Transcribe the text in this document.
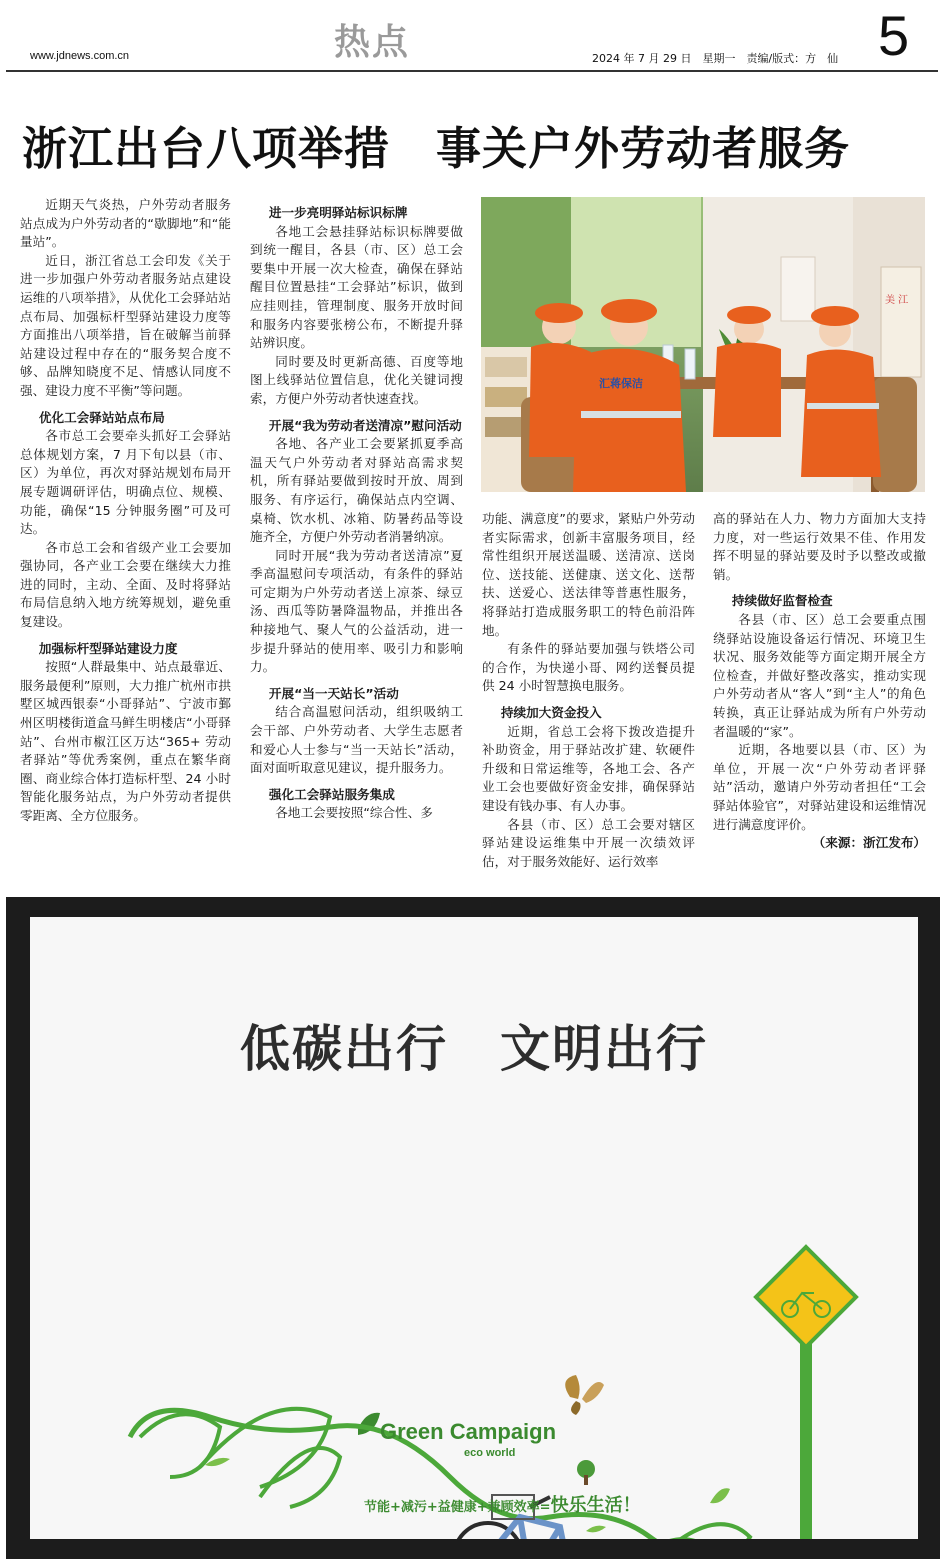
www.jdnews.com.cn	热点	2024 年 7 月 29 日　星期一　责编/版式：方　仙 5
浙江出台八项举措　事关户外劳动者服务

近期天气炎热，户外劳动者服务站点成为户外劳动者的“歇脚地”和“能量站”。

近日，浙江省总工会印发《关于进一步加强户外劳动者服务站点建设运维的八项举措》，从优化工会驿站站点布局、加强标杆型驿站建设力度等方面推出八项举措，旨在破解当前驿站建设过程中存在的“服务契合度不够、品牌知晓度不足、情感认同度不强、建设力度不平衡”等问题。

优化工会驿站站点布局

各市总工会要牵头抓好工会驿站总体规划方案，7 月下旬以县（市、区）为单位，再次对驿站规划布局开展专题调研评估，明确点位、规模、功能，确保“15 分钟服务圈”可及可达。

各市总工会和省级产业工会要加强协同，各产业工会要在继续大力推进的同时，主动、全面、及时将驿站布局信息纳入地方统筹规划，避免重复建设。

加强标杆型驿站建设力度

按照“人群最集中、站点最靠近、服务最便利”原则，大力推广杭州市拱墅区城西银泰“小哥驿站”、宁波市鄞州区明楼街道盒马鲜生明楼店“小哥驿站”、台州市椒江区万达“365+ 劳动者驿站”等优秀案例，重点在繁华商圈、商业综合体打造标杆型、24 小时智能化服务站点，为户外劳动者提供零距离、全方位服务。

进一步亮明驿站标识标牌

各地工会悬挂驿站标识标牌要做到统一醒目，各县（市、区）总工会要集中开展一次大检查，确保在驿站醒目位置悬挂“工会驿站”标识，做到应挂则挂，管理制度、服务开放时间和服务内容要张榜公布，不断提升驿站辨识度。

同时要及时更新高德、百度等地图上线驿站位置信息，优化关键词搜索，方便户外劳动者快速查找。

开展“我为劳动者送清凉”慰问活动

各地、各产业工会要紧抓夏季高温天气户外劳动者对驿站高需求契机，所有驿站要做到按时开放、周到服务、有序运行，确保站点内空调、桌椅、饮水机、冰箱、防暑药品等设施齐全，方便户外劳动者消暑纳凉。

同时开展“我为劳动者送清凉”夏季高温慰问专项活动，有条件的驿站可定期为户外劳动者送上凉茶、绿豆汤、西瓜等防暑降温物品，并推出各种接地气、聚人气的公益活动，进一步提升驿站的使用率、吸引力和影响力。

开展“当一天站长”活动

结合高温慰问活动，组织吸纳工会干部、户外劳动者、大学生志愿者和爱心人士参与“当一天站长”活动，面对面听取意见建议，提升服务力。

强化工会驿站服务集成

各地工会要按照“综合性、多

功能、满意度”的要求，紧贴户外劳动者实际需求，创新丰富服务项目，经常性组织开展送温暖、送清凉、送岗位、送技能、送健康、送文化、送帮扶、送爱心、送法律等普惠性服务，将驿站打造成服务职工的特色前沿阵地。

有条件的驿站要加强与铁塔公司的合作，为快递小哥、网约送餐员提供 24 小时智慧换电服务。

持续加大资金投入

近期，省总工会将下拨改造提升补助资金，用于驿站改扩建、软硬件升级和日常运维等，各地工会、各产业工会也要做好资金安排，确保驿站建设有钱办事、有人办事。

各县（市、区）总工会要对辖区驿站建设运维集中开展一次绩效评估，对于服务效能好、运行效率

高的驿站在人力、物力方面加大支持力度，对一些运行效果不佳、作用发挥不明显的驿站要及时予以整改或撤销。

持续做好监督检查

各县（市、区）总工会要重点围绕驿站设施设备运行情况、环境卫生状况、服务效能等方面定期开展全方位检查，并做好整改落实，推动实现户外劳动者从“客人”到“主人”的角色转换，真正让驿站成为所有户外劳动者温暖的“家”。

近期，各地要以县（市、区）为单位，开展一次“户外劳动者评驿站”活动，邀请户外劳动者担任“工会驿站体验官”，对驿站建设和运维情况进行满意度评价。

（来源：浙江发布）

美 江
汇蒋保洁
低碳出行　文明出行
Green Campaign
eco world
节能+减污+益健康+兼顾效率=快乐生活！
